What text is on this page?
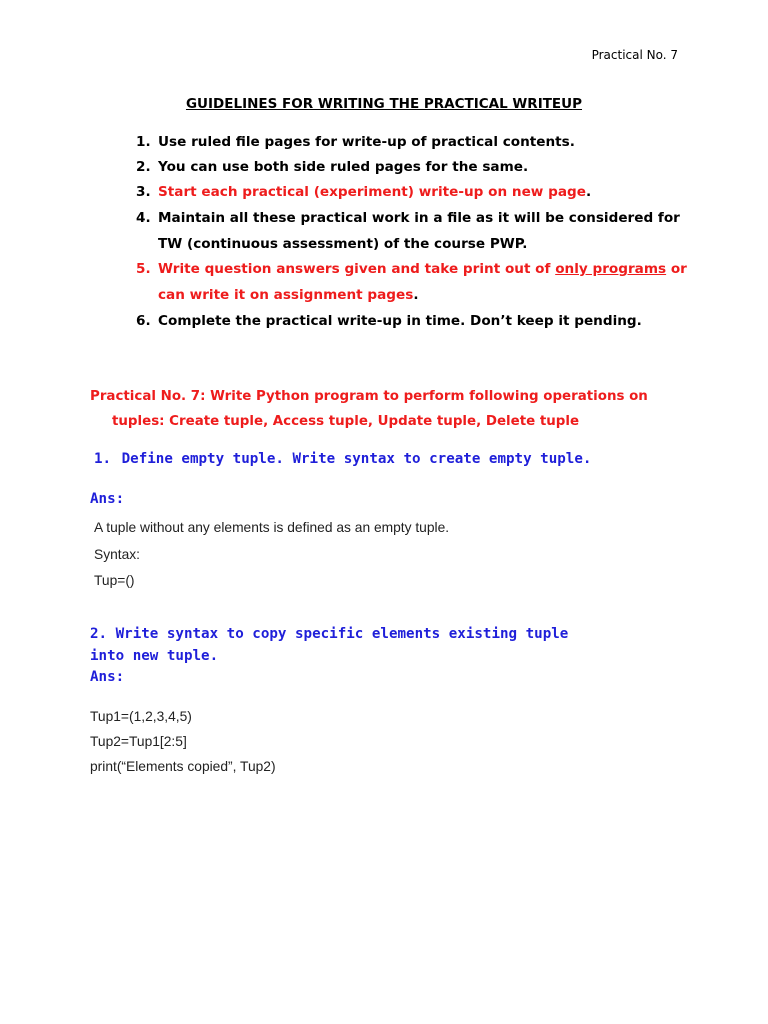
Practical No. 7
GUIDELINES FOR WRITING THE PRACTICAL WRITEUP
1. Use ruled file pages for write-up of practical contents.
2. You can use both side ruled pages for the same.
3. Start each practical (experiment) write-up on new page.
4. Maintain all these practical work in a file as it will be considered for
TW (continuous assessment) of the course PWP.
5. Write question answers given and take print out of only programs or
can write it on assignment pages.
6. Complete the practical write-up in time. Don’t keep it pending.
Practical No. 7: Write Python program to perform following operations on
tuples: Create tuple, Access tuple, Update tuple, Delete tuple
1. Define empty tuple. Write syntax to create empty tuple.
Ans:
A tuple without any elements is defined as an empty tuple.
Syntax:
Tup=()
2. Write syntax to copy specific elements existing tuple
into new tuple.
Ans:
Tup1=(1,2,3,4,5)
Tup2=Tup1[2:5]
print(“Elements copied”, Tup2)
